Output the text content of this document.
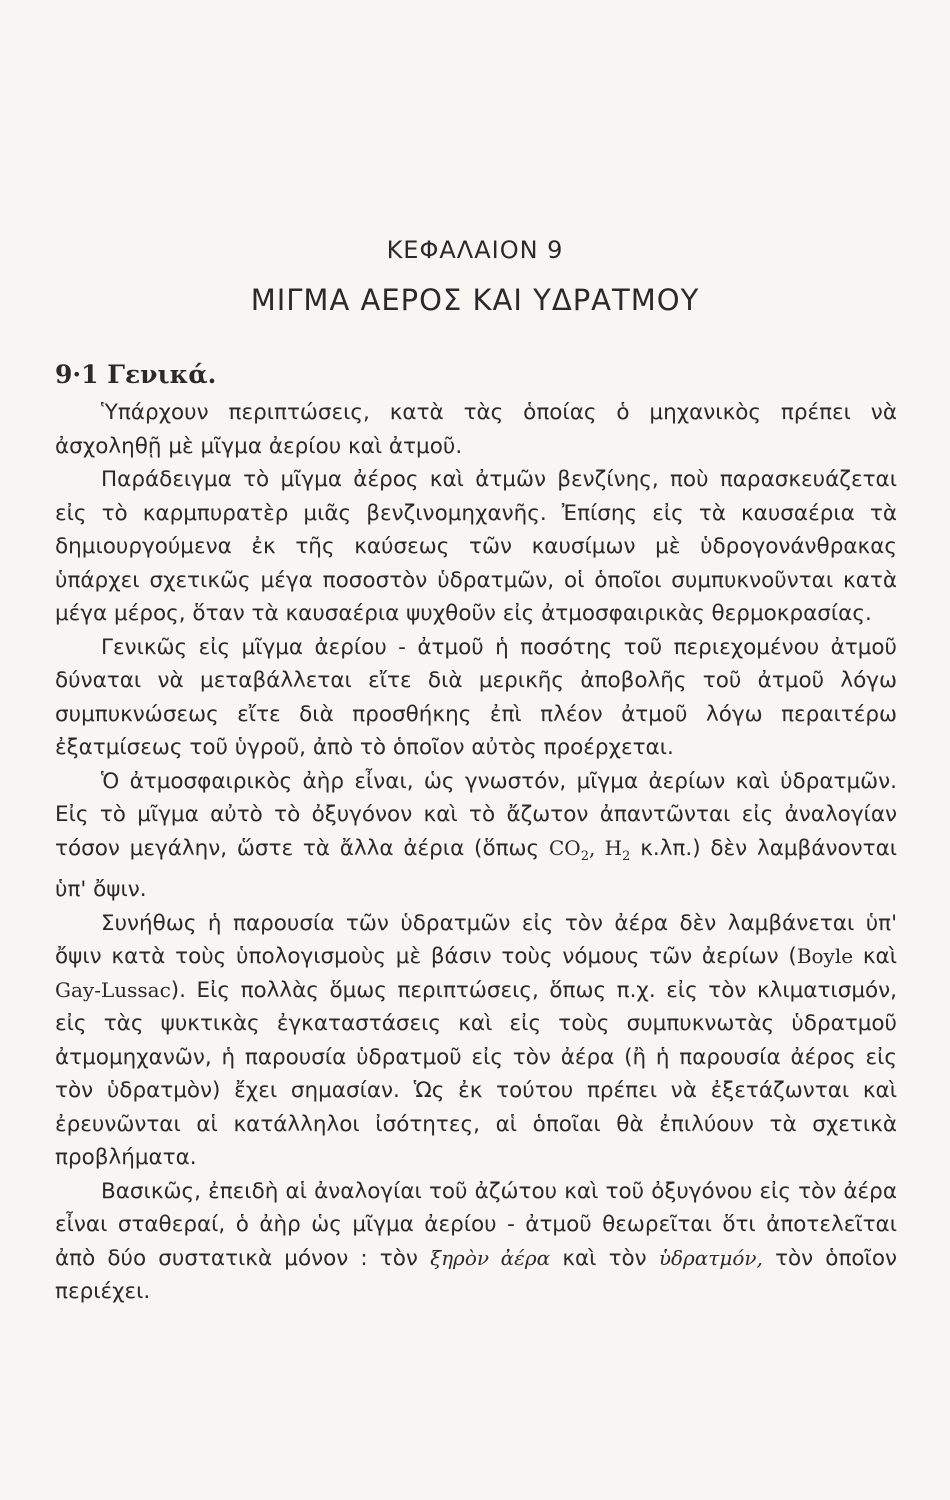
ΚΕΦΑΛΑΙΟΝ 9
ΜΙΓΜΑ ΑΕΡΟΣ ΚΑΙ ΥΔΡΑΤΜΟΥ
9·1 Γενικά.

Ὑπάρχουν περιπτώσεις, κατὰ τὰς ὁποίας ὁ μηχανικὸς πρέπει νὰ ἀσχοληθῇ μὲ μῖγμα ἀερίου καὶ ἀτμοῦ.

Παράδειγμα τὸ μῖγμα ἀέρος καὶ ἀτμῶν βενζίνης, ποὺ παρασκευάζεται εἰς τὸ καρμπυρατὲρ μιᾶς βενζινομηχανῆς. Ἐπίσης εἰς τὰ καυσαέρια τὰ δημιουργούμενα ἐκ τῆς καύσεως τῶν καυσίμων μὲ ὑδρογονάνθρακας ὑπάρχει σχετικῶς μέγα ποσοστὸν ὑδρατμῶν, οἱ ὁποῖοι συμπυκνοῦνται κατὰ μέγα μέρος, ὅταν τὰ καυσαέρια ψυχθοῦν εἰς ἀτμοσφαιρικὰς θερμοκρασίας.

Γενικῶς εἰς μῖγμα ἀερίου - ἀτμοῦ ἡ ποσότης τοῦ περιεχομένου ἀτμοῦ δύναται νὰ μεταβάλλεται εἴτε διὰ μερικῆς ἀποβολῆς τοῦ ἀτμοῦ λόγω συμπυκνώσεως εἴτε διὰ προσθήκης ἐπὶ πλέον ἀτμοῦ λόγω περαιτέρω ἐξατμίσεως τοῦ ὑγροῦ, ἀπὸ τὸ ὁποῖον αὐτὸς προέρχεται.

Ὁ ἀτμοσφαιρικὸς ἀὴρ εἶναι, ὡς γνωστόν, μῖγμα ἀερίων καὶ ὑδρατμῶν. Εἰς τὸ μῖγμα αὐτὸ τὸ ὀξυγόνον καὶ τὸ ἄζωτον ἀπαντῶνται εἰς ἀναλογίαν τόσον μεγάλην, ὥστε τὰ ἄλλα ἀέρια (ὅπως $CO_2$, $H_2$ κ.λπ.) δὲν λαμβάνονται ὑπ' ὄψιν.

Συνήθως ἡ παρουσία τῶν ὑδρατμῶν εἰς τὸν ἀέρα δὲν λαμβάνεται ὑπ' ὄψιν κατὰ τοὺς ὑπολογισμοὺς μὲ βάσιν τοὺς νόμους τῶν ἀερίων (Boyle καὶ Gay-Lussac). Εἰς πολλὰς ὅμως περιπτώσεις, ὅπως π.χ. εἰς τὸν κλιματισμόν, εἰς τὰς ψυκτικὰς ἐγκαταστάσεις καὶ εἰς τοὺς συμπυκνωτὰς ὑδρατμοῦ ἀτμομηχανῶν, ἡ παρουσία ὑδρατμοῦ εἰς τὸν ἀέρα (ἢ ἡ παρουσία ἀέρος εἰς τὸν ὑδρατμὸν) ἔχει σημασίαν. Ὡς ἐκ τούτου πρέπει νὰ ἐξετάζωνται καὶ ἐρευνῶνται αἱ κατάλληλοι ἰσότητες, αἱ ὁποῖαι θὰ ἐπιλύουν τὰ σχετικὰ προβλήματα.

Βασικῶς, ἐπειδὴ αἱ ἀναλογίαι τοῦ ἀζώτου καὶ τοῦ ὀξυγόνου εἰς τὸν ἀέρα εἶναι σταθεραί, ὁ ἀὴρ ὡς μῖγμα ἀερίου - ἀτμοῦ θεωρεῖται ὅτι ἀποτελεῖται ἀπὸ δύο συστατικὰ μόνον : τὸν ξηρὸν ἀέρα καὶ τὸν ὑδρατμόν, τὸν ὁποῖον περιέχει.
